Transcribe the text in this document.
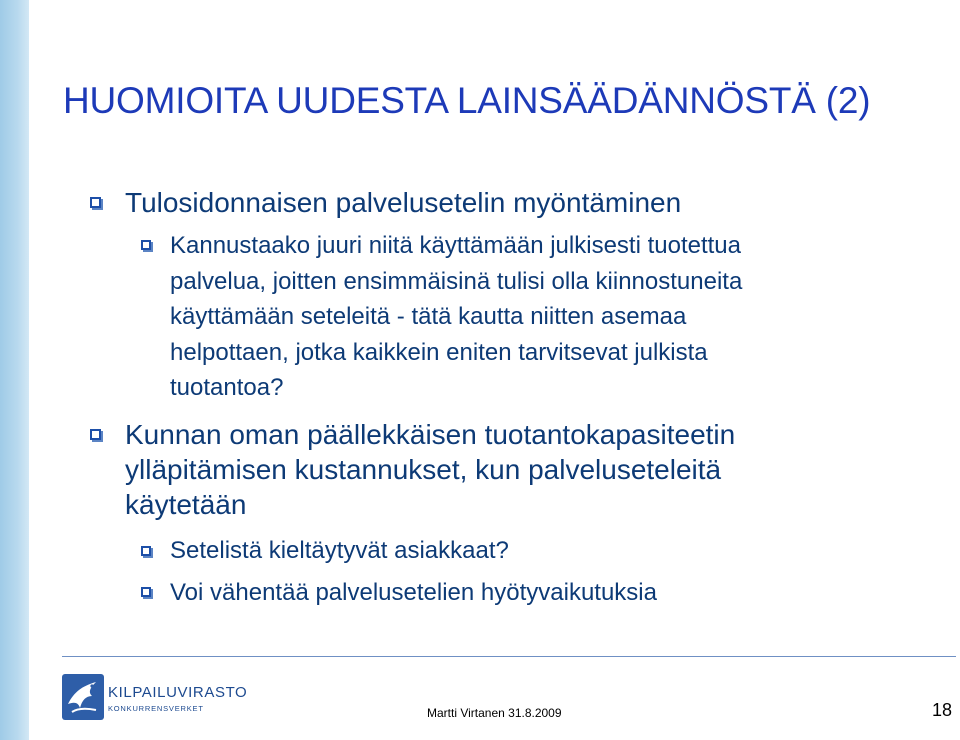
HUOMIOITA UUDESTA LAINSÄÄDÄNNÖSTÄ (2)
Tulosidonnaisen palvelusetelin myöntäminen
Kannustaako juuri niitä käyttämään julkisesti tuotettua
palvelua, joitten ensimmäisinä tulisi olla kiinnostuneita
käyttämään seteleitä - tätä kautta niitten asemaa
helpottaen, jotka kaikkein eniten tarvitsevat julkista
tuotantoa?
Kunnan oman päällekkäisen tuotantokapasiteetin
ylläpitämisen kustannukset, kun palveluseteleitä
käytetään
Setelistä kieltäytyvät asiakkaat?
Voi vähentää palvelusetelien hyötyvaikutuksia
KILPAILUVIRASTO
KONKURRENSVERKET	Martti Virtanen 31.8.2009	18
